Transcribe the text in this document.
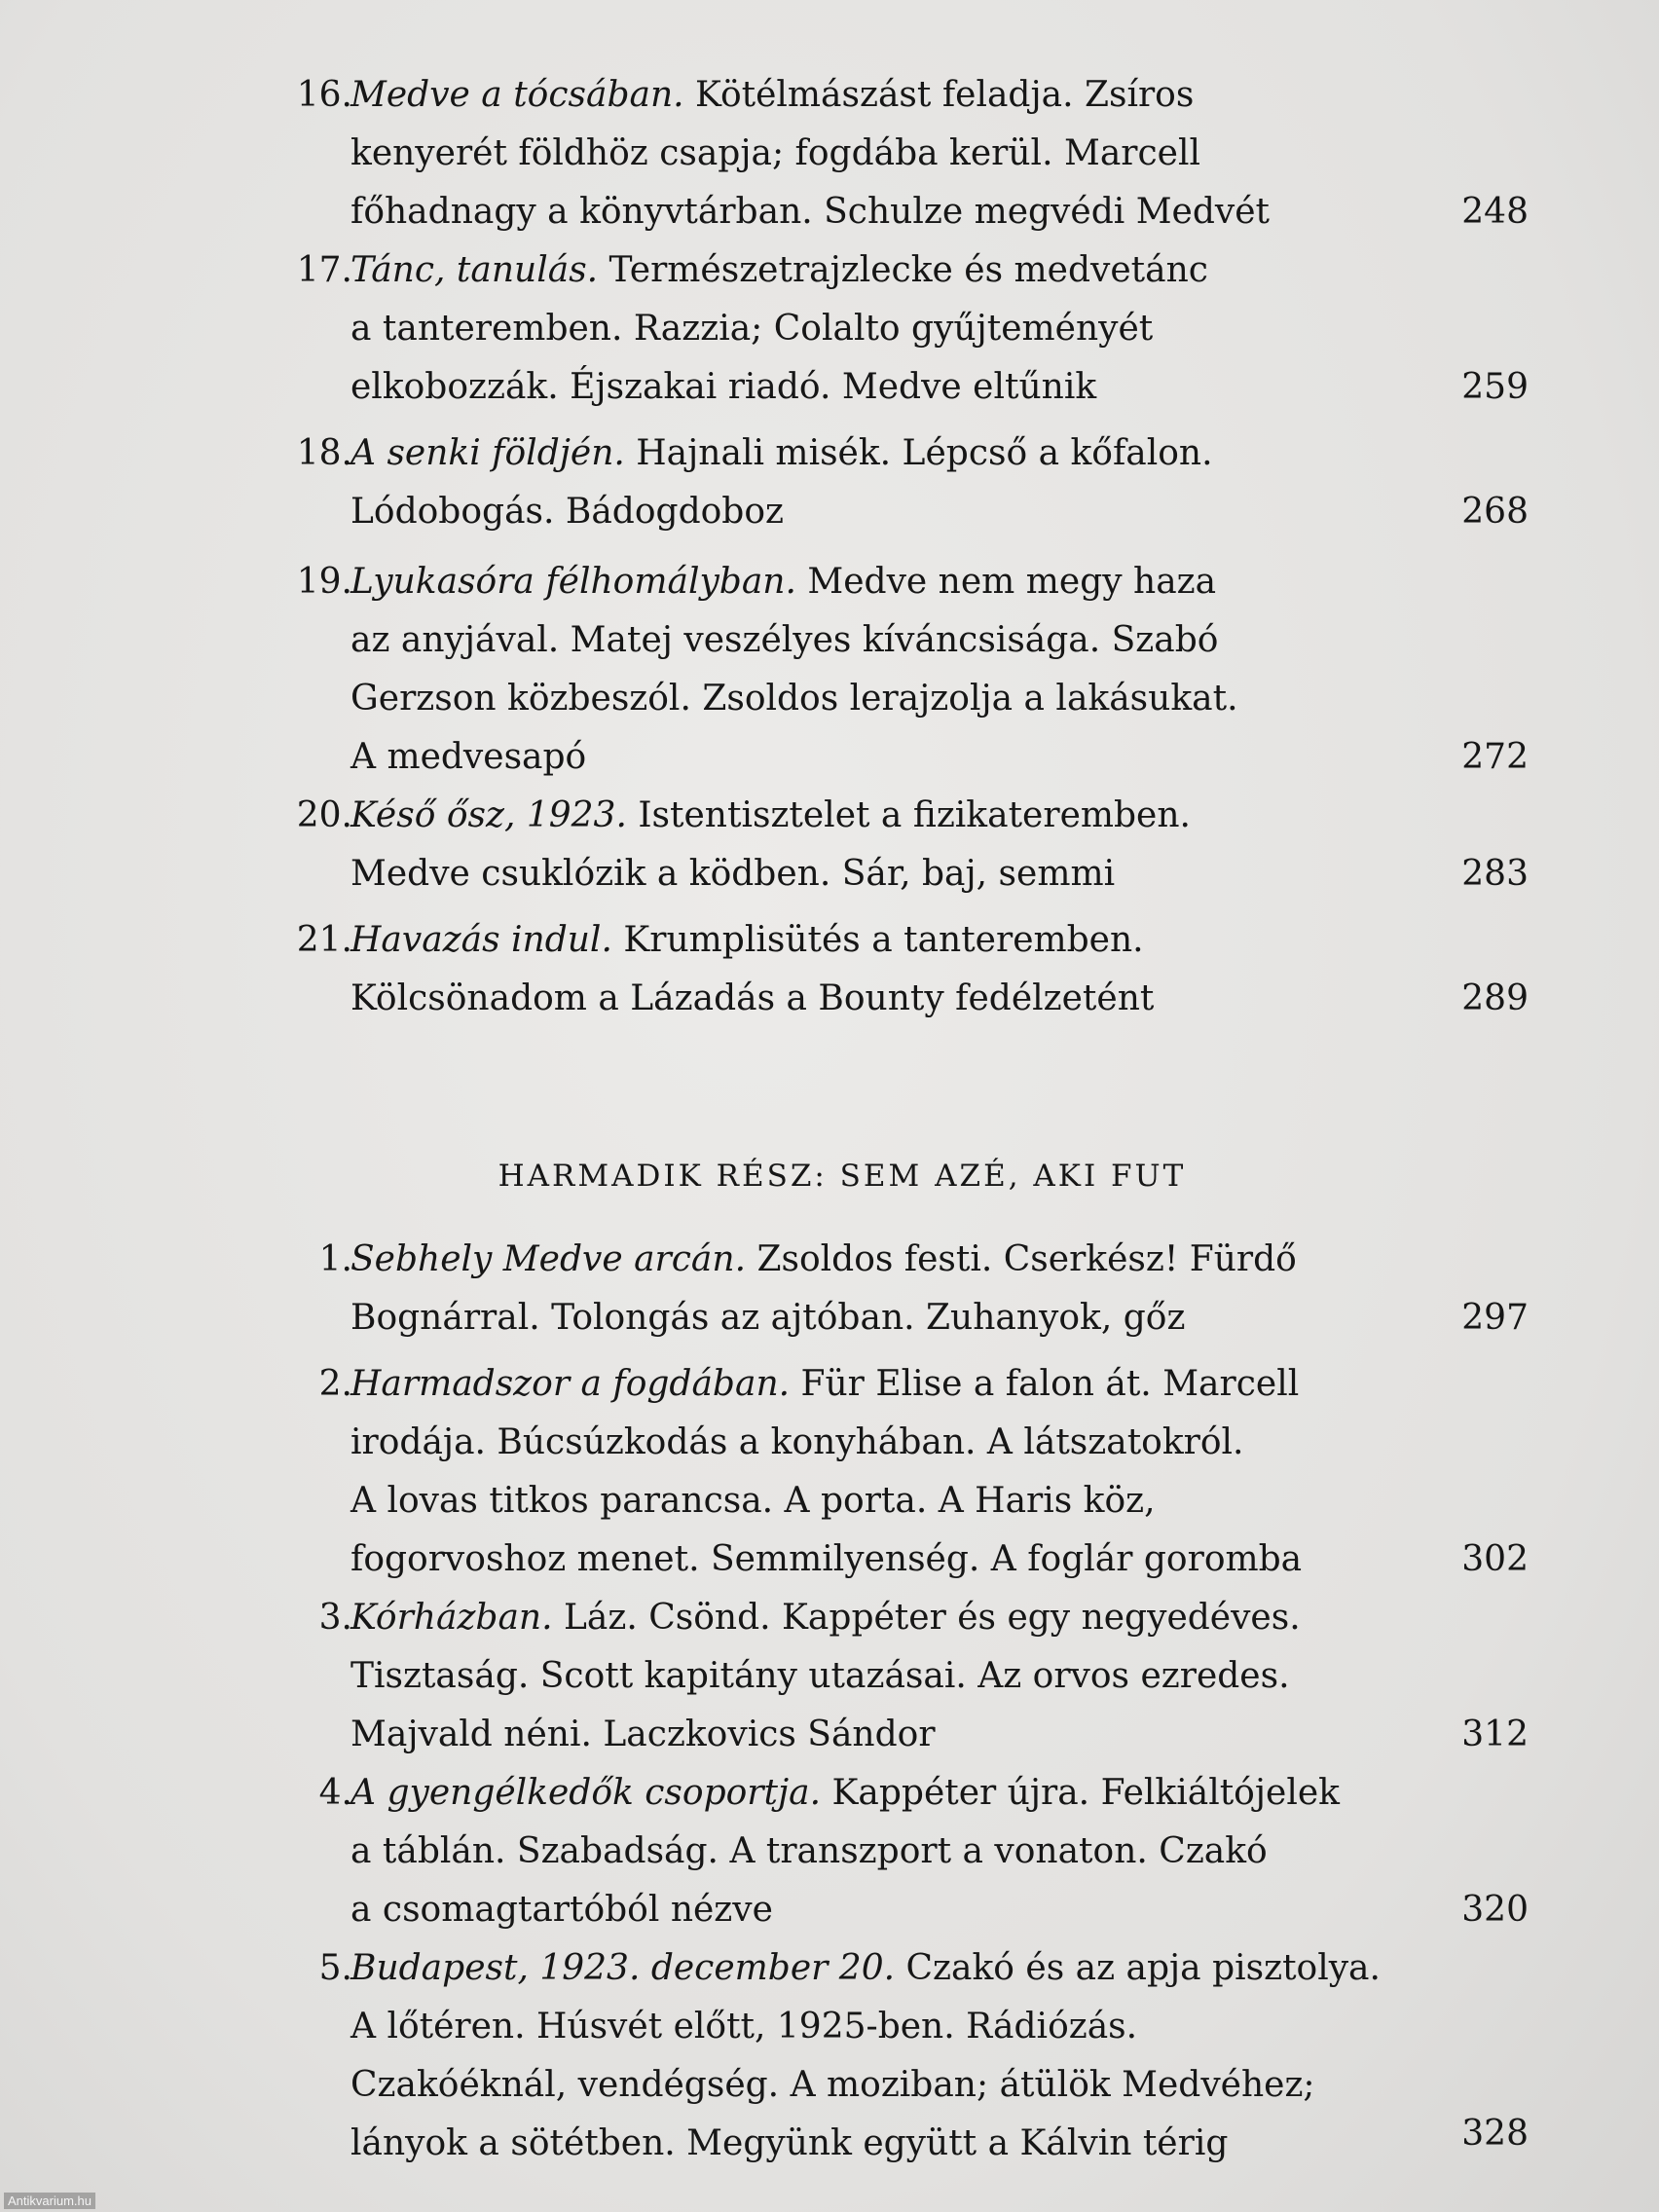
16.
Medve a tócsában. Kötélmászást feladja. Zsíros
kenyerét földhöz csapja; fogdába kerül. Marcell
főhadnagy a könyvtárban. Schulze megvédi Medvét	248
17.
Tánc, tanulás. Természetrajzlecke és medvetánc
a tanteremben. Razzia; Colalto gyűjteményét
elkobozzák. Éjszakai riadó. Medve eltűnik	259
18.
A senki földjén. Hajnali misék. Lépcső a kőfalon.
Lódobogás. Bádogdoboz	268
19.
Lyukasóra félhomályban. Medve nem megy haza
az anyjával. Matej veszélyes kíváncsisága. Szabó
Gerzson közbeszól. Zsoldos lerajzolja a lakásukat.
A medvesapó	272
20.
Késő ősz, 1923. Istentisztelet a fizikateremben.
Medve csuklózik a ködben. Sár, baj, semmi	283
21.
Havazás indul. Krumplisütés a tanteremben.
Kölcsönadom a Lázadás a Bounty fedélzetént	289
HARMADIK RÉSZ: SEM AZÉ, AKI FUT
1.
Sebhely Medve arcán. Zsoldos festi. Cserkész! Fürdő
Bognárral. Tolongás az ajtóban. Zuhanyok, gőz	297
2.
Harmadszor a fogdában. Für Elise a falon át. Marcell
irodája. Búcsúzkodás a konyhában. A látszatokról.
A lovas titkos parancsa. A porta. A Haris köz,
fogorvoshoz menet. Semmilyenség. A foglár goromba	302
3.
Kórházban. Láz. Csönd. Kappéter és egy negyedéves.
Tisztaság. Scott kapitány utazásai. Az orvos ezredes.
Majvald néni. Laczkovics Sándor	312
4.
A gyengélkedők csoportja. Kappéter újra. Felkiáltójelek
a táblán. Szabadság. A transzport a vonaton. Czakó
a csomagtartóból nézve	320
5.
Budapest, 1923. december 20. Czakó és az apja pisztolya.
A lőtéren. Húsvét előtt, 1925-ben. Rádiózás.
Czakóéknál, vendégség. A moziban; átülök Medvéhez;
lányok a sötétben. Megyünk együtt a Kálvin térig	328
Antikvarium.hu
